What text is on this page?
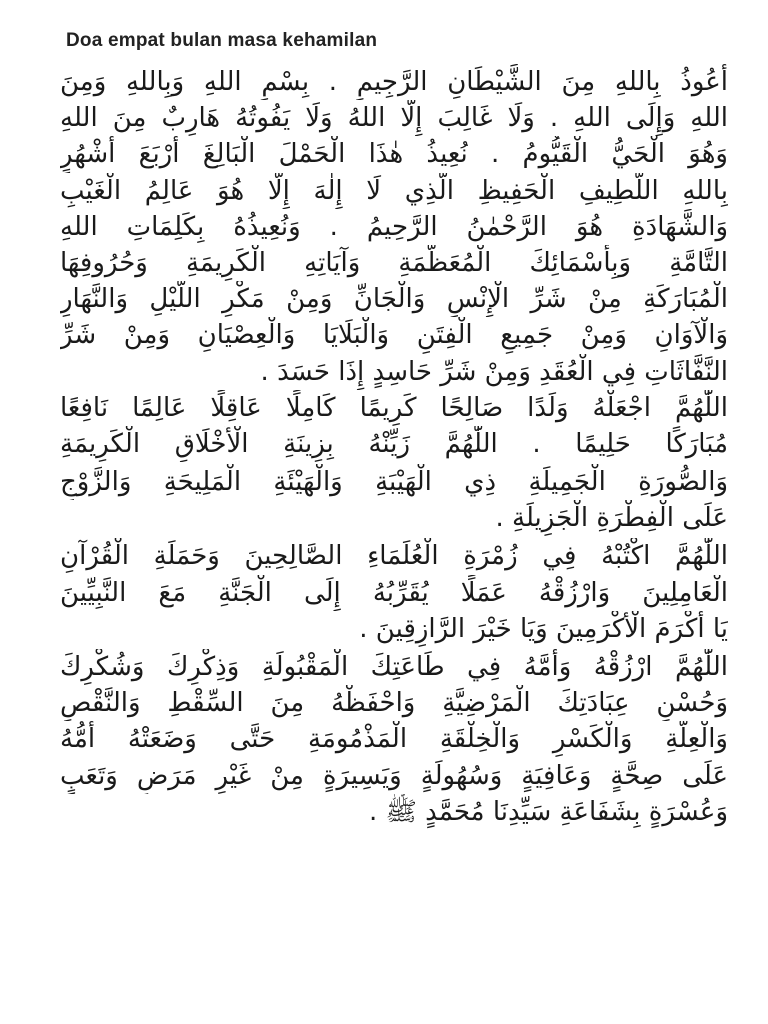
Doa empat bulan masa kehamilan
أَعُوذُ بِاللهِ مِنَ الشَّيْطَانِ الرَّجِيمِ . بِسْمِ اللهِ وَبِاللهِ وَمِنَ
اللهِ وَإِلَى اللهِ . وَلَا غَالِبَ إِلَّا اللهُ وَلَا يَفُوتُهُ هَارِبٌ مِنَ اللهِ
وَهُوَ الْحَيُّ الْقَيُّومُ . نُعِيذُ هٰذَا الْحَمْلَ الْبَالِغَ أَرْبَعَ أَشْهُرٍ
بِاللهِ اللَّطِيفِ الْحَفِيظِ الَّذِي لَا إِلٰهَ إِلَّا هُوَ عَالِمُ الْغَيْبِ
وَالشَّهَادَةِ هُوَ الرَّحْمٰنُ الرَّحِيمُ . وَنُعِيذُهُ بِكَلِمَاتِ اللهِ
التَّامَّةِ وَبِأَسْمَائِكَ الْمُعَظَّمَةِ وَآيَاتِهِ الْكَرِيمَةِ وَحُرُوفِهَا
الْمُبَارَكَةِ مِنْ شَرِّ الْإِنْسِ وَالْجَانِّ وَمِنْ مَكْرِ اللَّيْلِ وَالنَّهَارِ
وَالْآوَانِ وَمِنْ جَمِيعِ الْفِتَنِ وَالْبَلَايَا وَالْعِصْيَانِ وَمِنْ شَرِّ
النَّفَّاثَاتِ فِي الْعُقَدِ وَمِنْ شَرِّ حَاسِدٍ إِذَا حَسَدَ .
اللّٰهُمَّ اجْعَلْهُ وَلَدًا صَالِحًا كَرِيمًا كَامِلًا عَاقِلًا عَالِمًا نَافِعًا
مُبَارَكًا حَلِيمًا . اللّٰهُمَّ زَيِّنْهُ بِزِينَةِ الْأَخْلَاقِ الْكَرِيمَةِ
وَالصُّورَةِ الْجَمِيلَةِ ذِي الْهَيْبَةِ وَالْهَيْئَةِ الْمَلِيحَةِ وَالزَّوْجِ
عَلَى الْفِطْرَةِ الْجَزِيلَةِ .
اللّٰهُمَّ اكْتُبْهُ فِي زُمْرَةِ الْعُلَمَاءِ الصَّالِحِينَ وَحَمَلَةِ الْقُرْآنِ
الْعَامِلِينَ وَارْزُقْهُ عَمَلًا يُقَرِّبُهُ إِلَى الْجَنَّةِ مَعَ النَّبِيِّينَ
يَا أَكْرَمَ الْأَكْرَمِينَ وَيَا خَيْرَ الرَّازِقِينَ .
اللّٰهُمَّ ارْزُقْهُ وَأُمَّهُ فِي طَاعَتِكَ الْمَقْبُولَةِ وَذِكْرِكَ وَشُكْرِكَ
وَحُسْنِ عِبَادَتِكَ الْمَرْضِيَّةِ وَاحْفَظْهُ مِنَ السِّقْطِ وَالنَّقْصِ
وَالْعِلَّةِ وَالْكَسْرِ وَالْخِلْقَةِ الْمَذْمُومَةِ حَتَّى وَضَعَتْهُ أُمُّهُ
عَلَى صِحَّةٍ وَعَافِيَةٍ وَسُهُولَةٍ وَيَسِيرَةٍ مِنْ غَيْرِ مَرَضٍ وَتَعَبٍ
وَعُسْرَةٍ بِشَفَاعَةِ سَيِّدِنَا مُحَمَّدٍ ﷺ .
